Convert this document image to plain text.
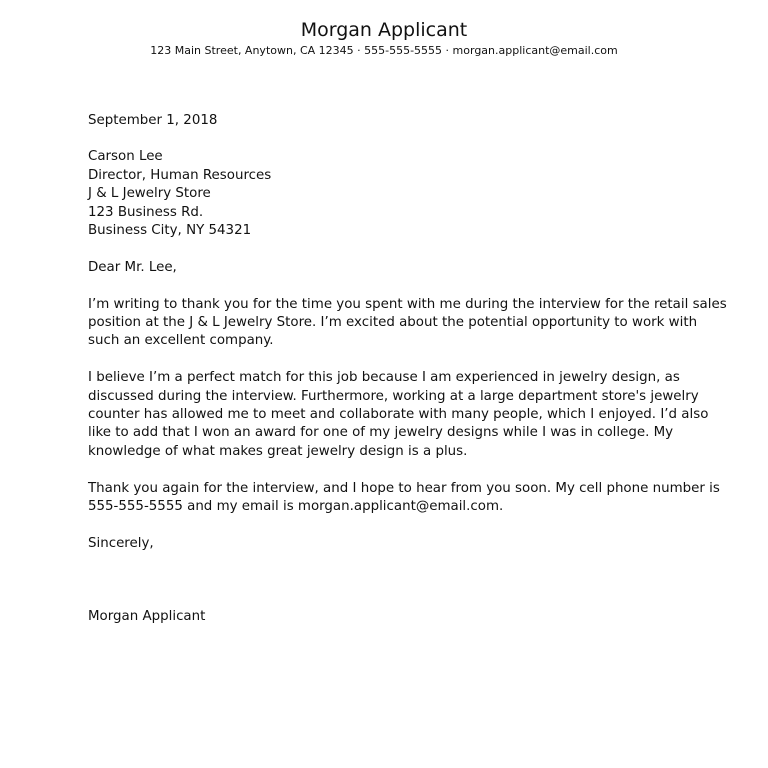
Morgan Applicant
123 Main Street, Anytown, CA 12345 · 555-555-5555 · morgan.applicant@email.com
September 1, 2018
Carson Lee
Director, Human Resources
J & L Jewelry Store
123 Business Rd.
Business City, NY 54321
Dear Mr. Lee,
I’m writing to thank you for the time you spent with me during the interview for the retail sales
position at the J & L Jewelry Store. I’m excited about the potential opportunity to work with
such an excellent company.
I believe I’m a perfect match for this job because I am experienced in jewelry design, as
discussed during the interview. Furthermore, working at a large department store's jewelry
counter has allowed me to meet and collaborate with many people, which I enjoyed. I’d also
like to add that I won an award for one of my jewelry designs while I was in college. My
knowledge of what makes great jewelry design is a plus.
Thank you again for the interview, and I hope to hear from you soon. My cell phone number is
555-555-5555 and my email is morgan.applicant@email.com.
Sincerely,
Morgan Applicant
